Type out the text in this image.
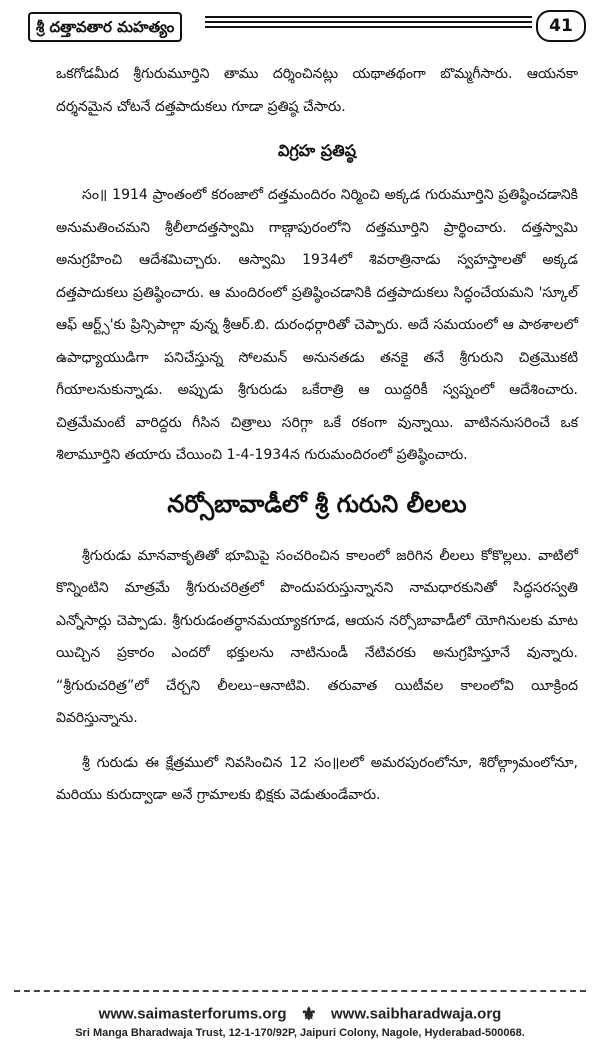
శ్రీ దత్తావతార మహత్యం	41

ఒకగోడమీద శ్రీగురుమూర్తిని తాము దర్శించినట్లు యథాతథంగా బొమ్మగీసారు. ఆయనకా దర్శనమైన చోటనే దత్తపాదుకలు గూడా ప్రతిష్ఠ చేసారు.

విగ్రహ ప్రతిష్ఠ

సం॥ 1914 ప్రాంతంలో కరంజాలో దత్తమందిరం నిర్మించి అక్కడ గురుమూర్తిని ప్రతిష్ఠించడానికి అనుమతించమని శ్రీలీలాదత్తస్వామి గాణ్గాపురంలోని దత్తమూర్తిని ప్రార్థించారు. దత్తస్వామి అనుగ్రహించి ఆదేశమిచ్చారు. ఆస్వామి 1934లో శివరాత్రినాడు స్వహస్తాలతో అక్కడ దత్తపాదుకలు ప్రతిష్ఠించారు. ఆ మందిరంలో ప్రతిష్ఠించడానికి దత్తపాదుకలు సిద్ధంచేయమని 'స్కూల్ ఆఫ్ ఆర్ట్స్'కు ప్రిన్సిపాల్గా వున్న శ్రీఆర్.బి. దురంధర్గారితో చెప్పారు. అదే సమయంలో ఆ పాఠశాలలో ఉపాధ్యాయుడిగా పనిచేస్తున్న సోలమన్ అనునతడు తనకై తనే శ్రీగురుని చిత్రమొకటి గీయాలనుకున్నాడు. అప్పుడు శ్రీగురుడు ఒకేరాత్రి ఆ యిద్దరికీ స్వప్నంలో ఆదేశించారు. చిత్రమేమంటే వారిద్దరు గీసిన చిత్రాలు సరిగ్గా ఒకే రకంగా వున్నాయి. వాటిననుసరించే ఒక శిలామూర్తిని తయారు చేయించి 1-4-1934న గురుమందిరంలో ప్రతిష్ఠించారు.

నర్సోబావాడీలో శ్రీ గురుని లీలలు

శ్రీగురుడు మానవాకృతితో భూమిపై సంచరించిన కాలంలో జరిగిన లీలలు కోకొల్లలు. వాటిలో కొన్నింటిని మాత్రమే శ్రీగురుచరిత్రలో పొందుపరుస్తున్నానని నామధారకునితో సిద్ధసరస్వతి ఎన్నోసార్లు చెప్పాడు. శ్రీగురుడంతర్ధానమయ్యాకగూడ, ఆయన నర్సోబావాడీలో యోగినులకు మాట యిచ్చిన ప్రకారం ఎందరో భక్తులను నాటినుండీ నేటివరకు అనుగ్రహిస్తూనే వున్నారు. “శ్రీగురుచరిత్ర”లో చేర్చని లీలలు–ఆనాటివి. తరువాత యిటీవల కాలంలోవి యీక్రింద వివరిస్తున్నాను.

శ్రీ గురుడు ఈ క్షేత్రములో నివసించిన 12 సం॥లలో అమరపురంలోనూ, శిరోల్గ్రామంలోనూ, మరియు కురుద్వాడా అనే గ్రామాలకు భిక్షకు వెడుతుండేవారు.

www.saimasterforums.org ⚜ www.saibharadwaja.org
Sri Manga Bharadwaja Trust, 12-1-170/92P, Jaipuri Colony, Nagole, Hyderabad-500068.
